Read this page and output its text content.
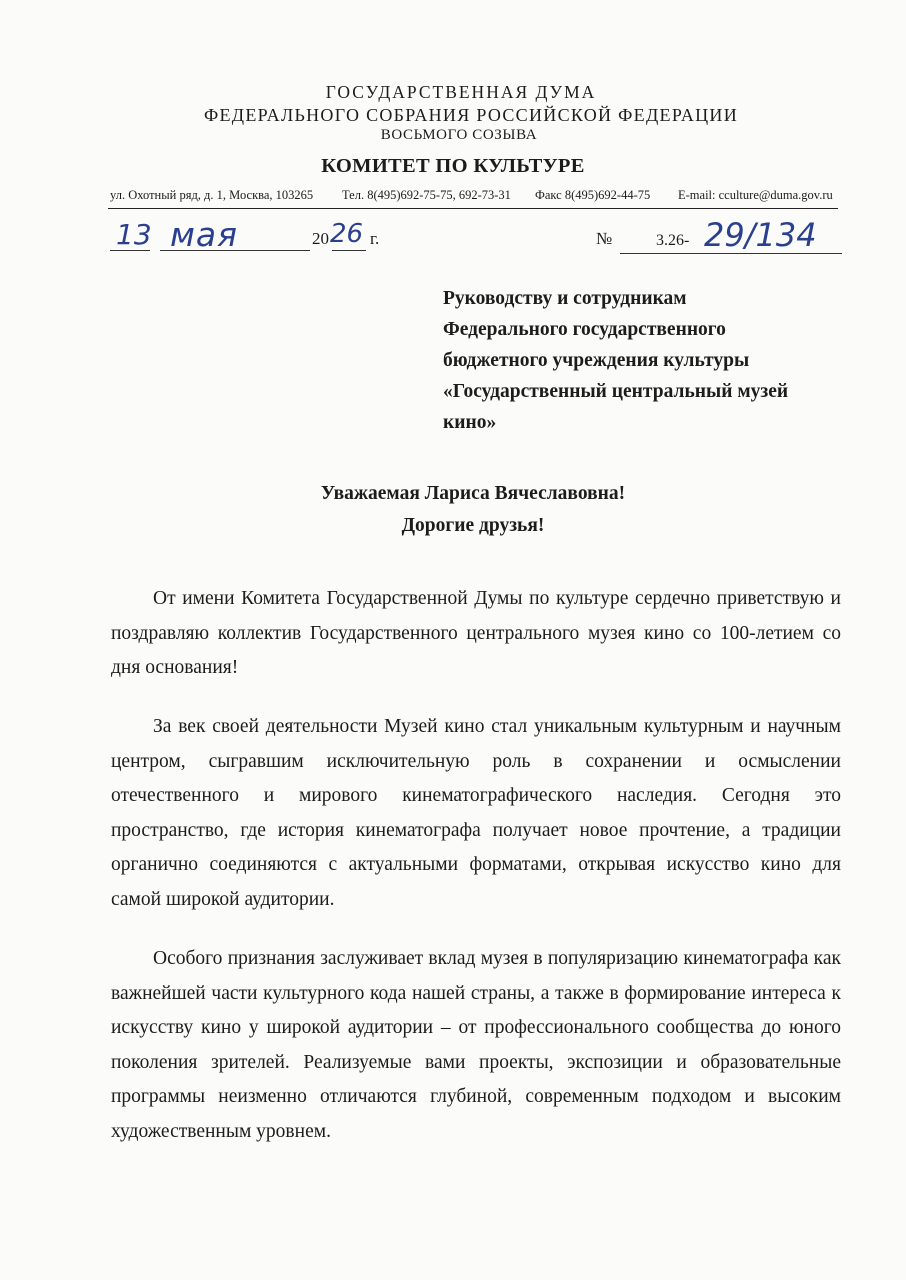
ГОСУДАРСТВЕННАЯ ДУМА
ФЕДЕРАЛЬНОГО СОБРАНИЯ РОССИЙСКОЙ ФЕДЕРАЦИИ
ВОСЬМОГО СОЗЫВА
КОМИТЕТ ПО КУЛЬТУРЕ
ул. Охотный ряд, д. 1, Москва, 103265 Тел. 8(495)692-75-75, 692-73-31 Факс 8(495)692-44-75 E-mail: cculture@duma.gov.ru
13 мая	20 26 г.	№	3.26- 29/134
Руководству и сотрудникам
Федерального государственного
бюджетного учреждения культуры
«Государственный центральный музей
кино»
Уважаемая Лариса Вячеславовна!
Дорогие друзья!
От имени Комитета Государственной Думы по культуре сердечно приветствую и поздравляю коллектив Государственного центрального музея кино со 100-летием со дня основания!
За век своей деятельности Музей кино стал уникальным культурным и научным центром, сыгравшим исключительную роль в сохранении и осмыслении отечественного и мирового кинематографического наследия. Сегодня это пространство, где история кинематографа получает новое прочтение, а традиции органично соединяются с актуальными форматами, открывая искусство кино для самой широкой аудитории.
Особого признания заслуживает вклад музея в популяризацию кинематографа как важнейшей части культурного кода нашей страны, а также в формирование интереса к искусству кино у широкой аудитории – от профессионального сообщества до юного поколения зрителей. Реализуемые вами проекты, экспозиции и образовательные программы неизменно отличаются глубиной, современным подходом и высоким художественным уровнем.
